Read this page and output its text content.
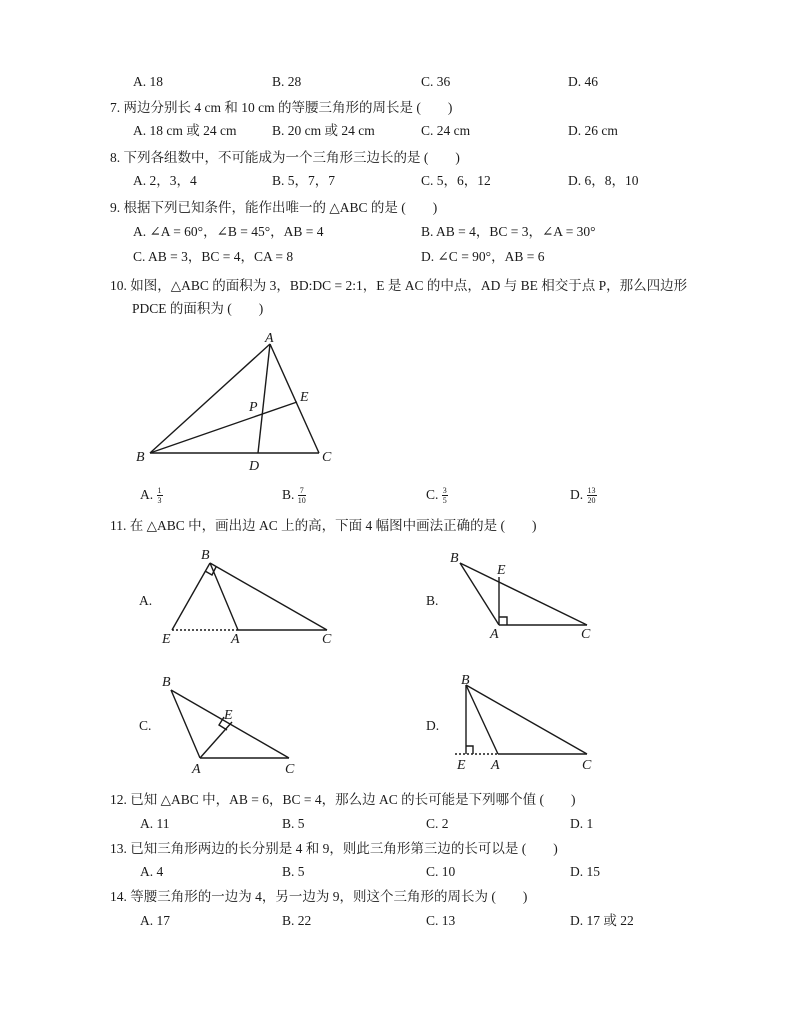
A. 18	B. 28	C. 36	D. 46
7. 两边分别长 4 cm 和 10 cm 的等腰三角形的周长是 (　　)
A. 18 cm 或 24 cm	B. 20 cm 或 24 cm	C. 24 cm	D. 26 cm
8. 下列各组数中，不可能成为一个三角形三边长的是 (　　)
A. 2，3，4	B. 5，7，7	C. 5，6，12	D. 6，8，10
9. 根据下列已知条件，能作出唯一的 △ABC 的是 (　　)
A. ∠A = 60°，∠B = 45°，AB = 4	B. AB = 4，BC = 3，∠A = 30°
C. AB = 3，BC = 4，CA = 8	D. ∠C = 90°，AB = 6
10. 如图，△ABC 的面积为 3，BD:DC = 2:1，E 是 AC 的中点，AD 与 BE 相交于点 P，那么四边形
PDCE 的面积为 (　　)
A
B	C
D
E
P
A. $\frac{1}{3}$	B. $\frac{7}{10}$	C. $\frac{3}{5}$	D. $\frac{13}{20}$
11. 在 △ABC 中，画出边 AC 上的高，下面 4 幅图中画法正确的是 (　　)
A.	B.
C.	D.
B
E	A	C
B
E
A	C
B
E
A	C
B
E A	C
12. 已知 △ABC 中，AB = 6，BC = 4，那么边 AC 的长可能是下列哪个值 (　　)
A. 11	B. 5	C. 2	D. 1
13. 已知三角形两边的长分别是 4 和 9，则此三角形第三边的长可以是 (　　)
A. 4	B. 5	C. 10	D. 15
14. 等腰三角形的一边为 4，另一边为 9，则这个三角形的周长为 (　　)
A. 17	B. 22	C. 13	D. 17 或 22
